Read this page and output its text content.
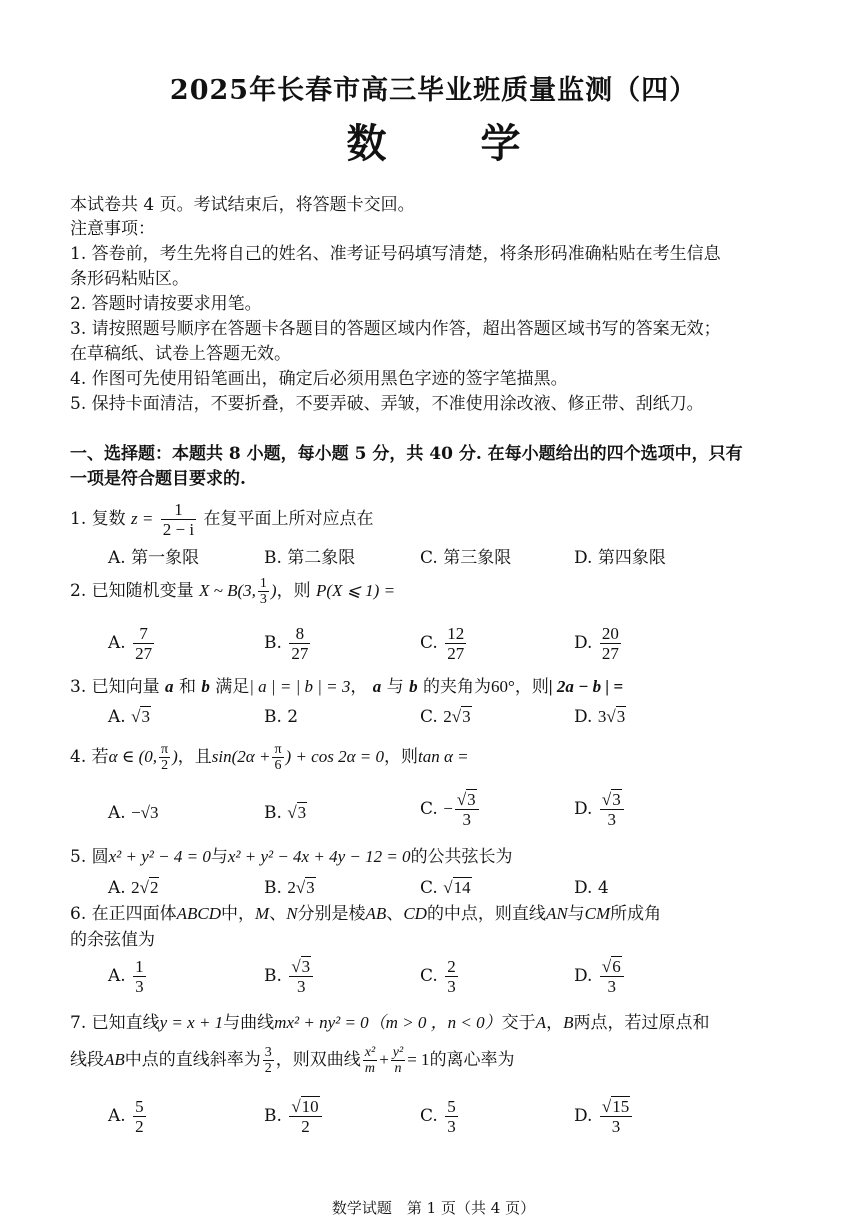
2025年长春市高三毕业班质量监测（四）
数 学
本试卷共 4 页。考试结束后，将答题卡交回。
注意事项：
1. 答卷前，考生先将自己的姓名、准考证号码填写清楚，将条形码准确粘贴在考生信息
条形码粘贴区。
2. 答题时请按要求用笔。
3. 请按照题号顺序在答题卡各题目的答题区域内作答，超出答题区域书写的答案无效；
在草稿纸、试卷上答题无效。
4. 作图可先使用铅笔画出，确定后必须用黑色字迹的签字笔描黑。
5. 保持卡面清洁，不要折叠，不要弄破、弄皱，不准使用涂改液、修正带、刮纸刀。
一、选择题：本题共 8 小题，每小题 5 分，共 40 分. 在每小题给出的四个选项中，只有
一项是符合题目要求的.
1. 复数 $z = \frac{1}{2 - i}$ 在复平面上所对应点在
A. 第一象限	B. 第二象限	C. 第三象限	D. 第四象限
2. 已知随机变量 X ~ B(3, $\frac{1}{3}$ )，则 P(X ⩽ 1) =
A. $\frac{7}{27}$	B. $\frac{8}{27}$	C. $\frac{12}{27}$	D. $\frac{20}{27}$
3. 已知向量 a 和 b 满足| a | = | b | = 3， a 与 b 的夹角为60°，则| 2a − b | =
A. √3	B. 2	C. 2√3	D. 3√3
4. 若α ∈ (0, $\frac{\pi}{2}$ )，且$\sin(2\alpha + \frac{\pi}{6}$ ) + cos 2α = 0，则tan α =
A. −√3	B. √3	C. − $\frac{√3}{3}$	D. $\frac{√3}{3}$
5. 圆x² + y² − 4 = 0与x² + y² − 4x + 4y − 12 = 0的公共弦长为
A. 2√2	B. 2√3	C. √14	D. 4
6. 在正四面体ABCD中，M、N分别是棱AB、CD的中点，则直线AN与CM所成角
的余弦值为
A. $\frac{1}{3}$	B. $\frac{√3}{3}$	C. $\frac{2}{3}$	D. $\frac{√6}{3}$
7. 已知直线y = x + 1与曲线mx² + ny² = 0（m > 0 ，n < 0）交于A，B两点，若过原点和
线段AB中点的直线斜率为 $\frac{3}{2}$ ，则双曲线 $\frac{\text{x²}}{m} + \frac{\text{y²}}{n} = 1$的离心率为
A. $\frac{5}{2}$	B. $\frac{√10}{2}$	C. $\frac{5}{3}$	D. $\frac{√15}{3}$
数学试题　第 1 页（共 4 页）
